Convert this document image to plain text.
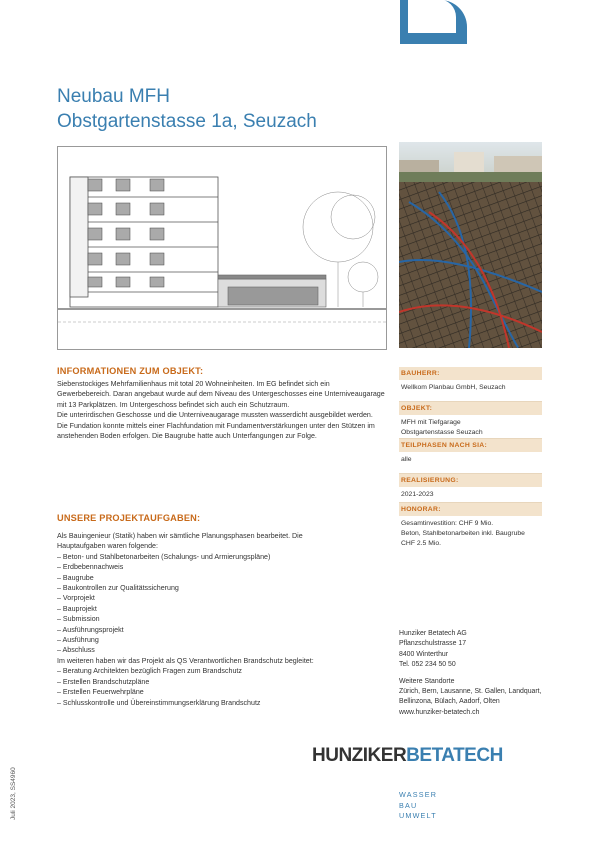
Neubau MFH
Obstgartenstasse 1a, Seuzach
INFORMATIONEN ZUM OBJEKT:

Siebenstockiges Mehrfamilienhaus mit total 20 Wohneinheiten. Im EG befindet sich ein Gewerbebereich. Daran angebaut wurde auf dem Niveau des Untergeschosses eine Unterniveaugarage mit 13 Parkplätzen. Im Untergeschoss befindet sich auch ein Schutzraum.

Die unterirdischen Geschosse und die Unterniveaugarage mussten wasserdicht ausgebildet werden.

Die Fundation konnte mittels einer Flachfundation mit Fundamentverstärkungen unter den Stützen im anstehenden Boden erfolgen. Die Baugrube hatte auch Unterfangungen zur Folge.

UNSERE PROJEKTAUFGABEN:
Als Bauingenieur (Statik) haben wir sämtliche Planungsphasen bearbeitet. Die
Hauptaufgaben waren folgende:
– Beton- und Stahlbetonarbeiten (Schalungs- und Armierungspläne)
– Erdbebennachweis
– Baugrube
– Baukontrollen zur Qualitätssicherung
– Vorprojekt
– Bauprojekt
– Submission
– Ausführungsprojekt
– Ausführung
– Abschluss
Im weiteren haben wir das Projekt als QS Verantwortlichen Brandschutz begleitet:
– Beratung Architekten bezüglich Fragen zum Brandschutz
– Erstellen Brandschutzpläne
– Erstellen Feuerwehrpläne
– Schlusskontrolle und Übereinstimmungserklärung Brandschutz
BAUHERR:
Wellkom Planbau GmbH, Seuzach
OBJEKT:
MFH mit Tiefgarage
Obstgartenstasse Seuzach
TEILPHASEN NACH SIA:
alle
REALISIERUNG:
2021-2023
HONORAR:
Gesamtinvestition: CHF 9 Mio.
Beton, Stahlbetonarbeiten inkl. Baugrube
CHF 2.5 Mio.
Hunziker Betatech AG
Pflanzschulstrasse 17
8400 Winterthur
Tel. 052 234 50 50
Weitere Standorte
Zürich, Bern, Lausanne, St. Gallen, Landquart,
Bellinzona, Bülach, Aadorf, Olten
www.hunziker-betatech.ch
HUNZIKERBETATECH
WASSER
BAU
UMWELT
Juli 2023, SS4960
